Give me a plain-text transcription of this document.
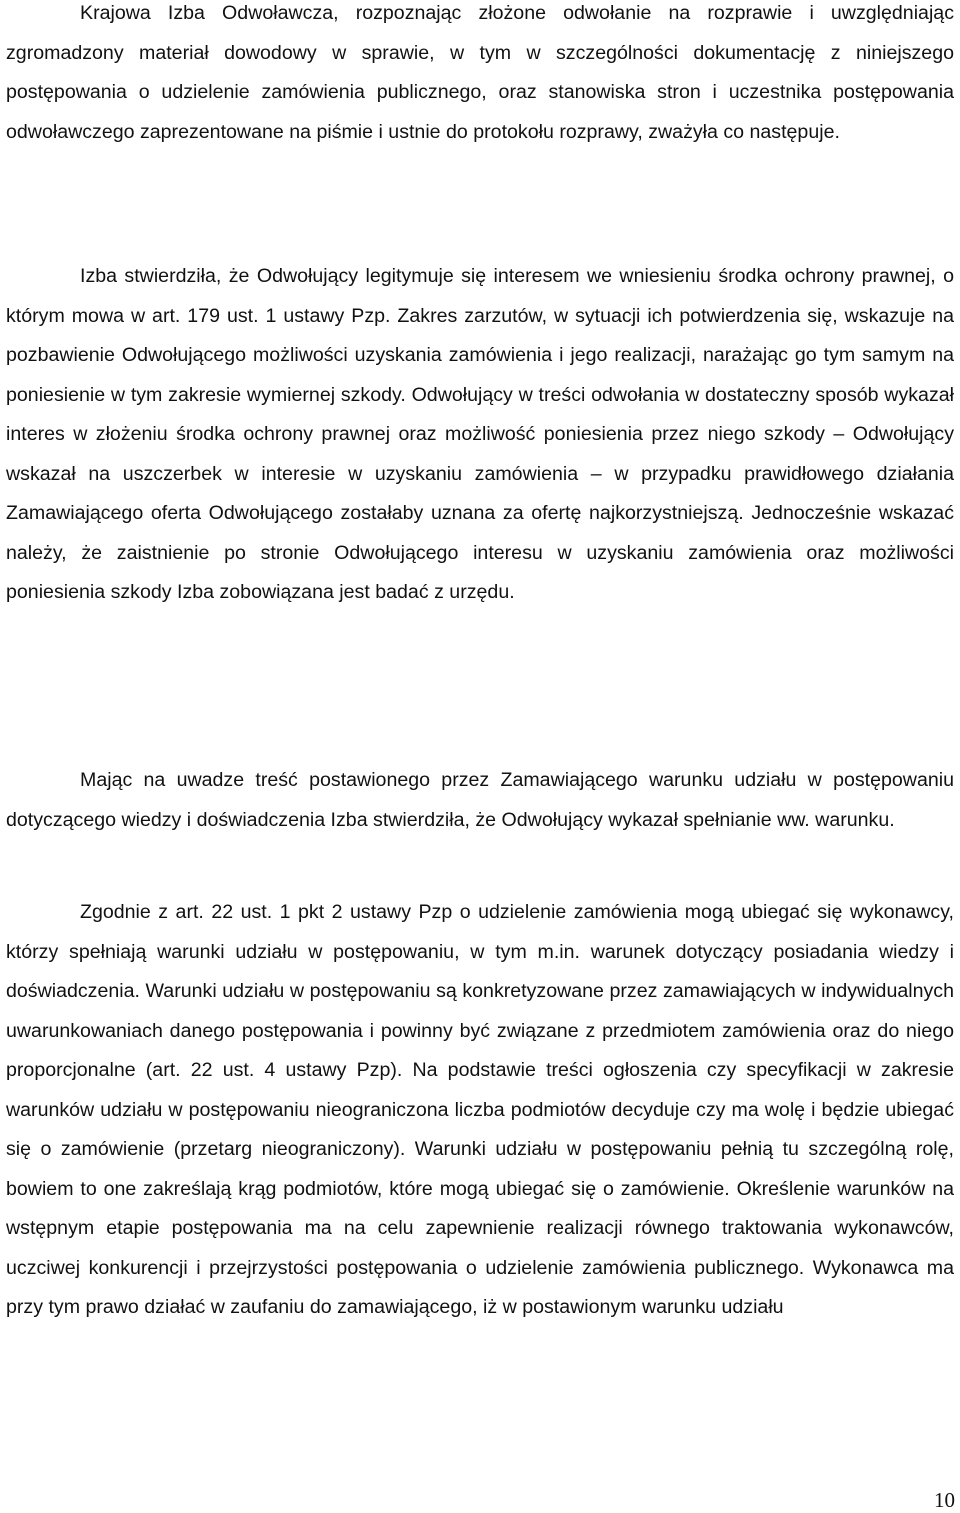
Krajowa Izba Odwoławcza, rozpoznając złożone odwołanie na rozprawie i uwzględniając zgromadzony materiał dowodowy w sprawie, w tym w szczególności dokumentację z niniejszego postępowania o udzielenie zamówienia publicznego, oraz stanowiska stron i uczestnika postępowania odwoławczego zaprezentowane na piśmie i ustnie do protokołu rozprawy, zważyła co następuje.

Izba stwierdziła, że Odwołujący legitymuje się interesem we wniesieniu środka ochrony prawnej, o którym mowa w art. 179 ust. 1 ustawy Pzp. Zakres zarzutów, w sytuacji ich potwierdzenia się, wskazuje na pozbawienie Odwołującego możliwości uzyskania zamówienia i jego realizacji, narażając go tym samym na poniesienie w tym zakresie wymiernej szkody. Odwołujący w treści odwołania w dostateczny sposób wykazał interes w złożeniu środka ochrony prawnej oraz możliwość poniesienia przez niego szkody – Odwołujący wskazał na uszczerbek w interesie w uzyskaniu zamówienia – w przypadku prawidłowego działania Zamawiającego oferta Odwołującego zostałaby uznana za ofertę najkorzystniejszą. Jednocześnie wskazać należy, że zaistnienie po stronie Odwołującego interesu w uzyskaniu zamówienia oraz możliwości poniesienia szkody Izba zobowiązana jest badać z urzędu.

Mając na uwadze treść postawionego przez Zamawiającego warunku udziału w postępowaniu dotyczącego wiedzy i doświadczenia Izba stwierdziła, że Odwołujący wykazał spełnianie ww. warunku.

Zgodnie z art. 22 ust. 1 pkt 2 ustawy Pzp o udzielenie zamówienia mogą ubiegać się wykonawcy, którzy spełniają warunki udziału w postępowaniu, w tym m.in. warunek dotyczący posiadania wiedzy i doświadczenia. Warunki udziału w postępowaniu są konkretyzowane przez zamawiających w indywidualnych uwarunkowaniach danego postępowania i powinny być związane z przedmiotem zamówienia oraz do niego proporcjonalne (art. 22 ust. 4 ustawy Pzp). Na podstawie treści ogłoszenia czy specyfikacji w zakresie warunków udziału w postępowaniu nieograniczona liczba podmiotów decyduje czy ma wolę i będzie ubiegać się o zamówienie (przetarg nieograniczony). Warunki udziału w postępowaniu pełnią tu szczególną rolę, bowiem to one zakreślają krąg podmiotów, które mogą ubiegać się o zamówienie. Określenie warunków na wstępnym etapie postępowania ma na celu zapewnienie realizacji równego traktowania wykonawców, uczciwej konkurencji i przejrzystości postępowania o udzielenie zamówienia publicznego. Wykonawca ma przy tym prawo działać w zaufaniu do zamawiającego, iż w postawionym warunku udziału

10
